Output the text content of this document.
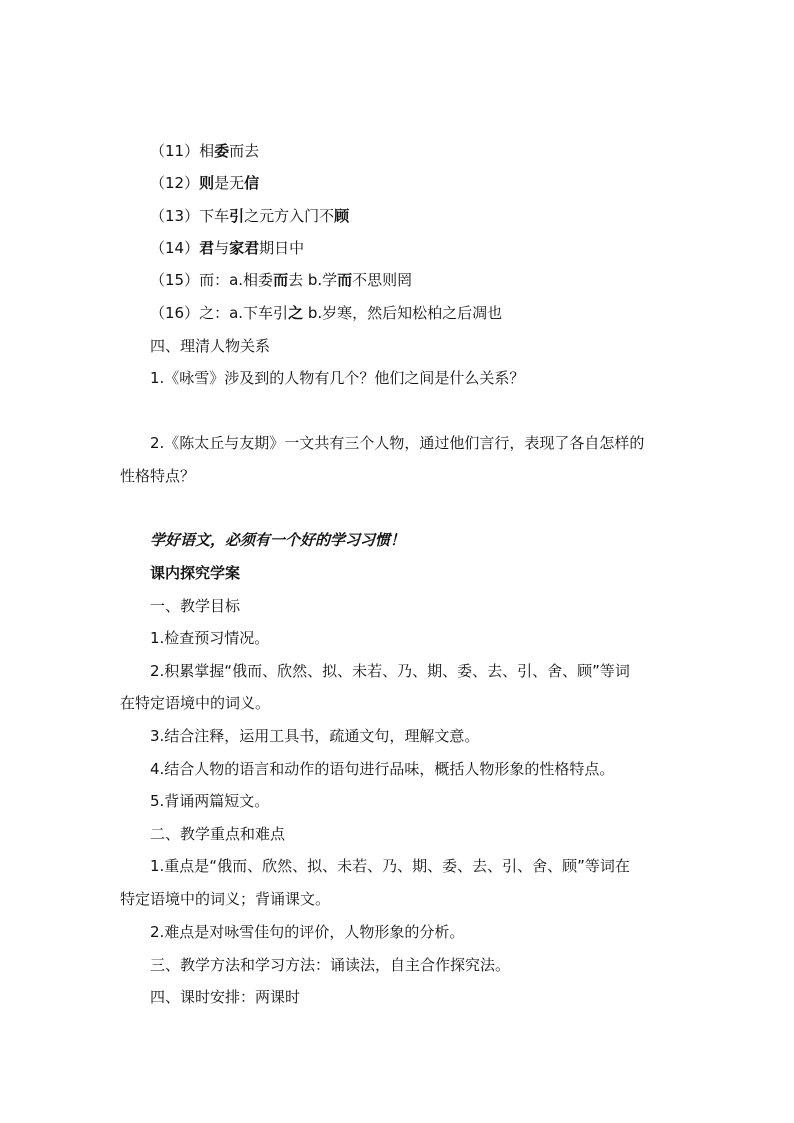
（11）相委而去
（12）则是无信
（13）下车引之元方入门不顾
（14）君与家君期日中
（15）而：a.相委而去 b.学而不思则罔
（16）之：a.下车引之 b.岁寒，然后知松柏之后凋也
四、理清人物关系
1.《咏雪》涉及到的人物有几个？他们之间是什么关系？
2.《陈太丘与友期》一文共有三个人物，通过他们言行，表现了各自怎样的
性格特点？
学好语文，必须有一个好的学习习惯！
课内探究学案
一、教学目标
1.检查预习情况。
2.积累掌握“俄而、欣然、拟、未若、乃、期、委、去、引、舍、顾”等词
在特定语境中的词义。
3.结合注释，运用工具书，疏通文句，理解文意。
4.结合人物的语言和动作的语句进行品味，概括人物形象的性格特点。
5.背诵两篇短文。
二、教学重点和难点
1.重点是“俄而、欣然、拟、未若、乃、期、委、去、引、舍、顾”等词在
特定语境中的词义；背诵课文。
2.难点是对咏雪佳句的评价，人物形象的分析。
三、教学方法和学习方法：诵读法，自主合作探究法。
四、课时安排：两课时
